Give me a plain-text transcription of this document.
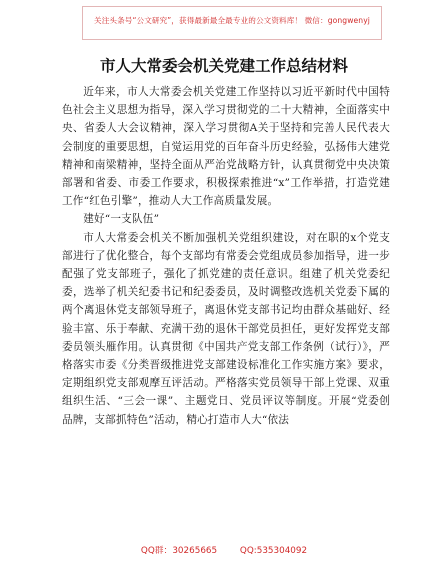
关注头条号“公文研究”，获得最新最全最专业的公文资料库！ 微信：gongwenyj
市人大常委会机关党建工作总结材料

近年来，市人大常委会机关党建工作坚持以习近平新时代中国特色社会主义思想为指导，深入学习贯彻党的二十大精神，全面落实中央、省委人大会议精神，深入学习贯彻A关于坚持和完善人民代表大会制度的重要思想，自觉运用党的百年奋斗历史经验，弘扬伟大建党精神和南梁精神，坚持全面从严治党战略方针，认真贯彻党中央决策部署和省委、市委工作要求，积极探索推进“x”工作举措，打造党建工作“红色引擎”，推动人大工作高质量发展。

建好“一支队伍”

市人大常委会机关不断加强机关党组织建设，对在职的x个党支部进行了优化整合，每个支部均有常委会党组成员参加指导，进一步配强了党支部班子，强化了抓党建的责任意识。组建了机关党委纪委，选举了机关纪委书记和纪委委员，及时调整改选机关党委下属的两个离退休党支部领导班子，离退休党支部书记均由群众基础好、经验丰富、乐于奉献、充满干劲的退休干部党员担任，更好发挥党支部委员领头雁作用。认真贯彻《中国共产党支部工作条例（试行）》，严格落实市委《分类晋级推进党支部建设标准化工作实施方案》要求，定期组织党支部观摩互评活动。严格落实党员领导干部上党课、双重组织生活、“三会一课”、主题党日、党员评议等制度。开展“党委创品牌，支部抓特色”活动，精心打造市人大“依法

QQ群：30265665	QQ:535304092
